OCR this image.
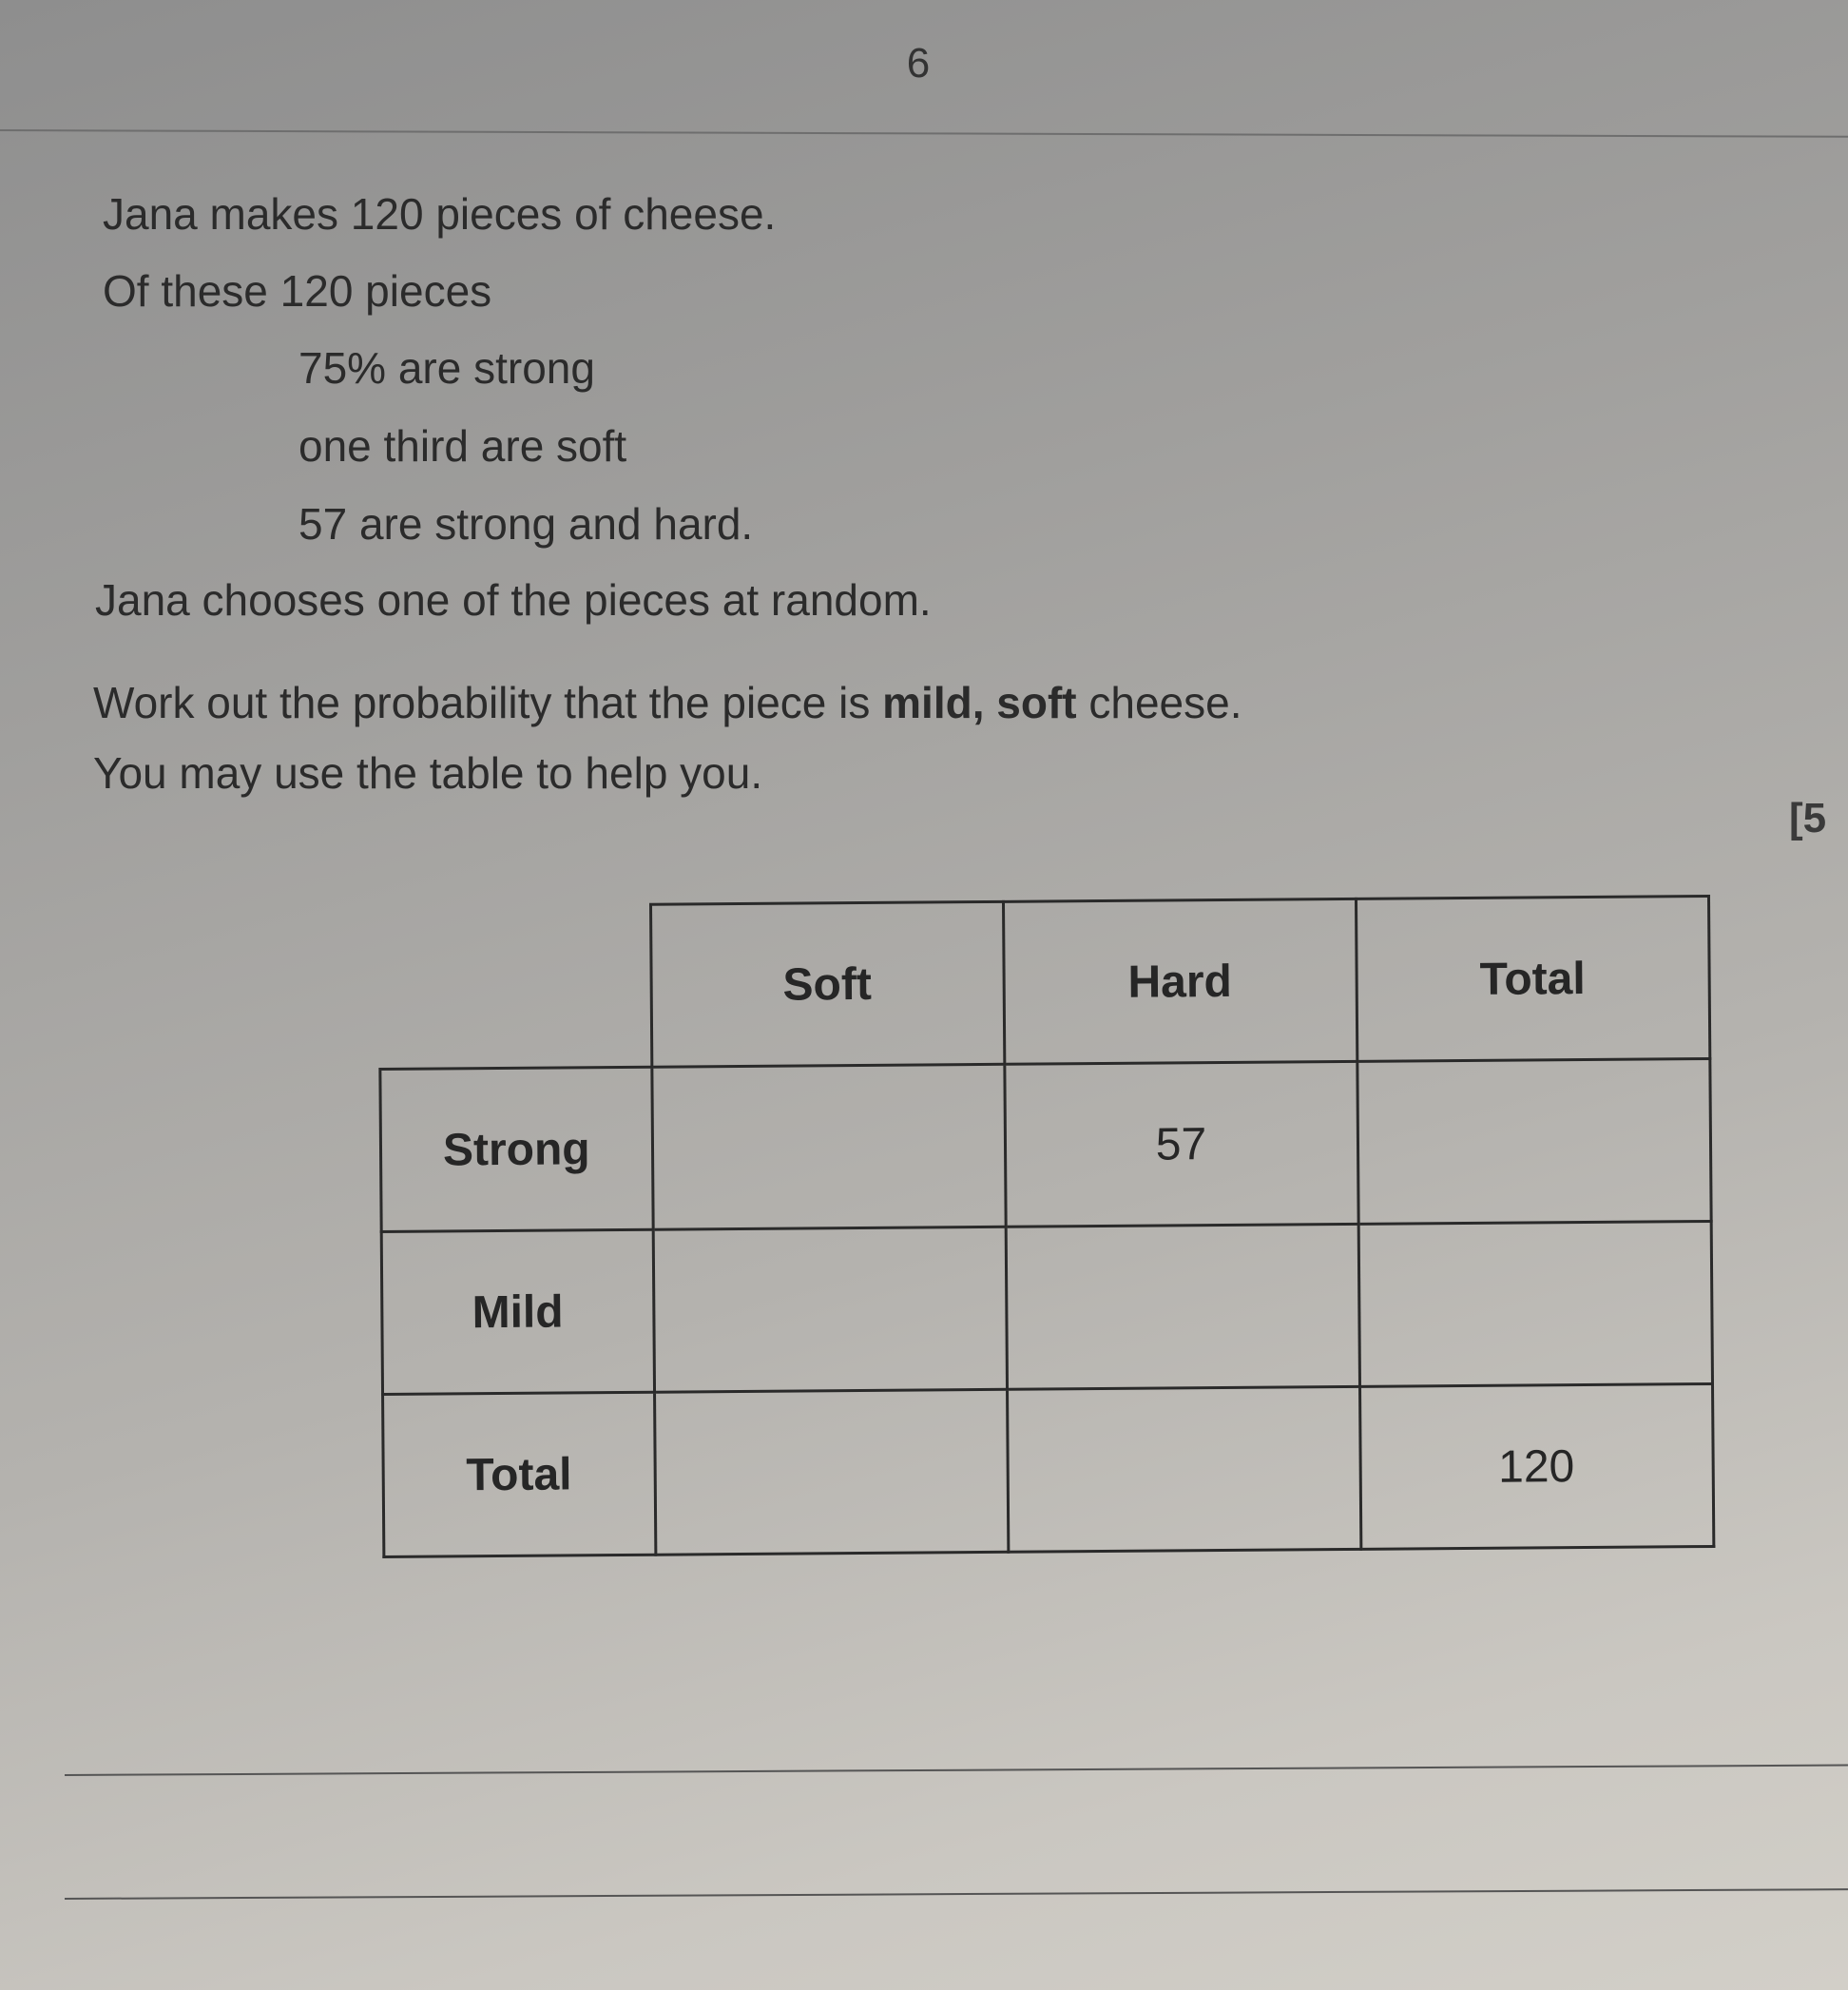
6
Jana makes 120 pieces of cheese.
Of these 120 pieces
75% are strong
one third are soft
57 are strong and hard.
Jana chooses one of the pieces at random.
Work out the probability that the piece is mild, soft cheese.
You may use the table to help you.
[5
	Soft	Hard	Total
Strong		57	
Mild			
Total			120
